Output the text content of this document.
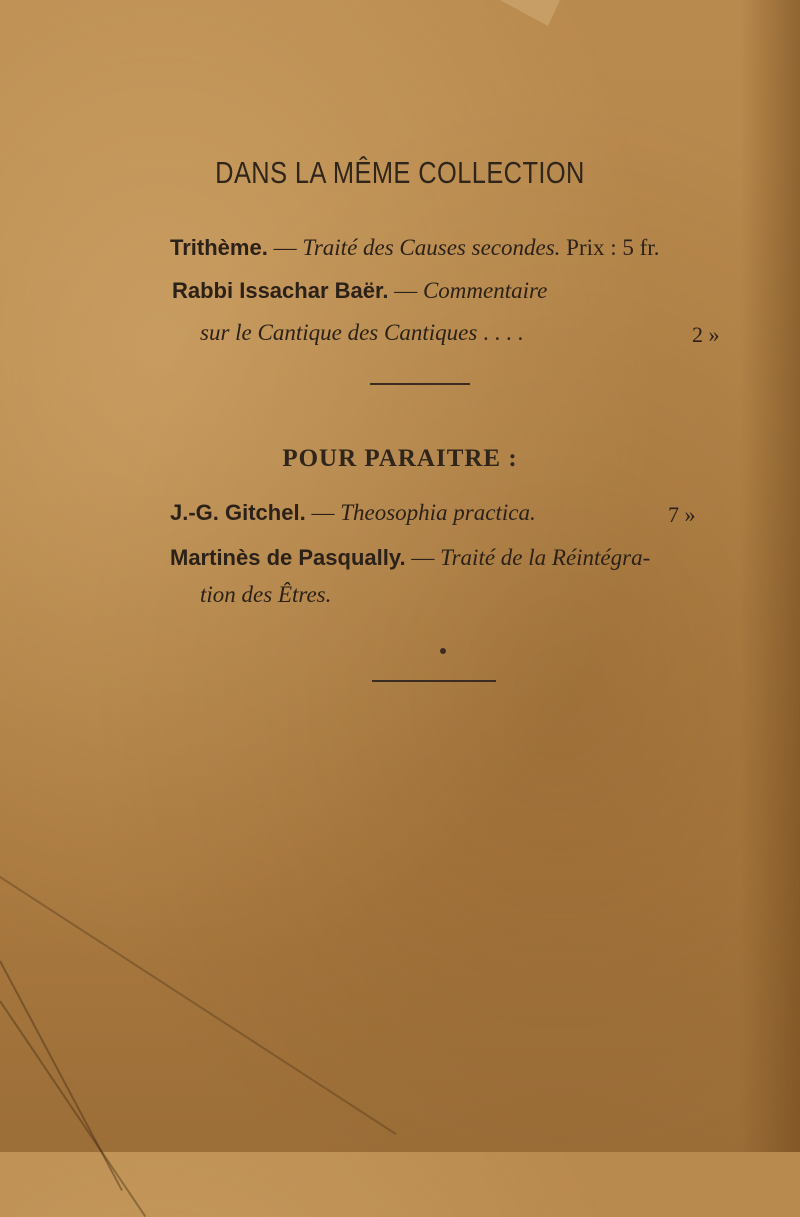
DANS LA MÊME COLLECTION
Trithème. — Traité des Causes secondes. Prix : 5 fr.
Rabbi Issachar Baër. — Commentaire
sur le Cantique des Cantiques . . . .	2 »
POUR PARAITRE :
J.-G. Gitchel. — Theosophia practica.	7 »
Martinès de Pasqually. — Traité de la Réintégra-
tion des Êtres.
